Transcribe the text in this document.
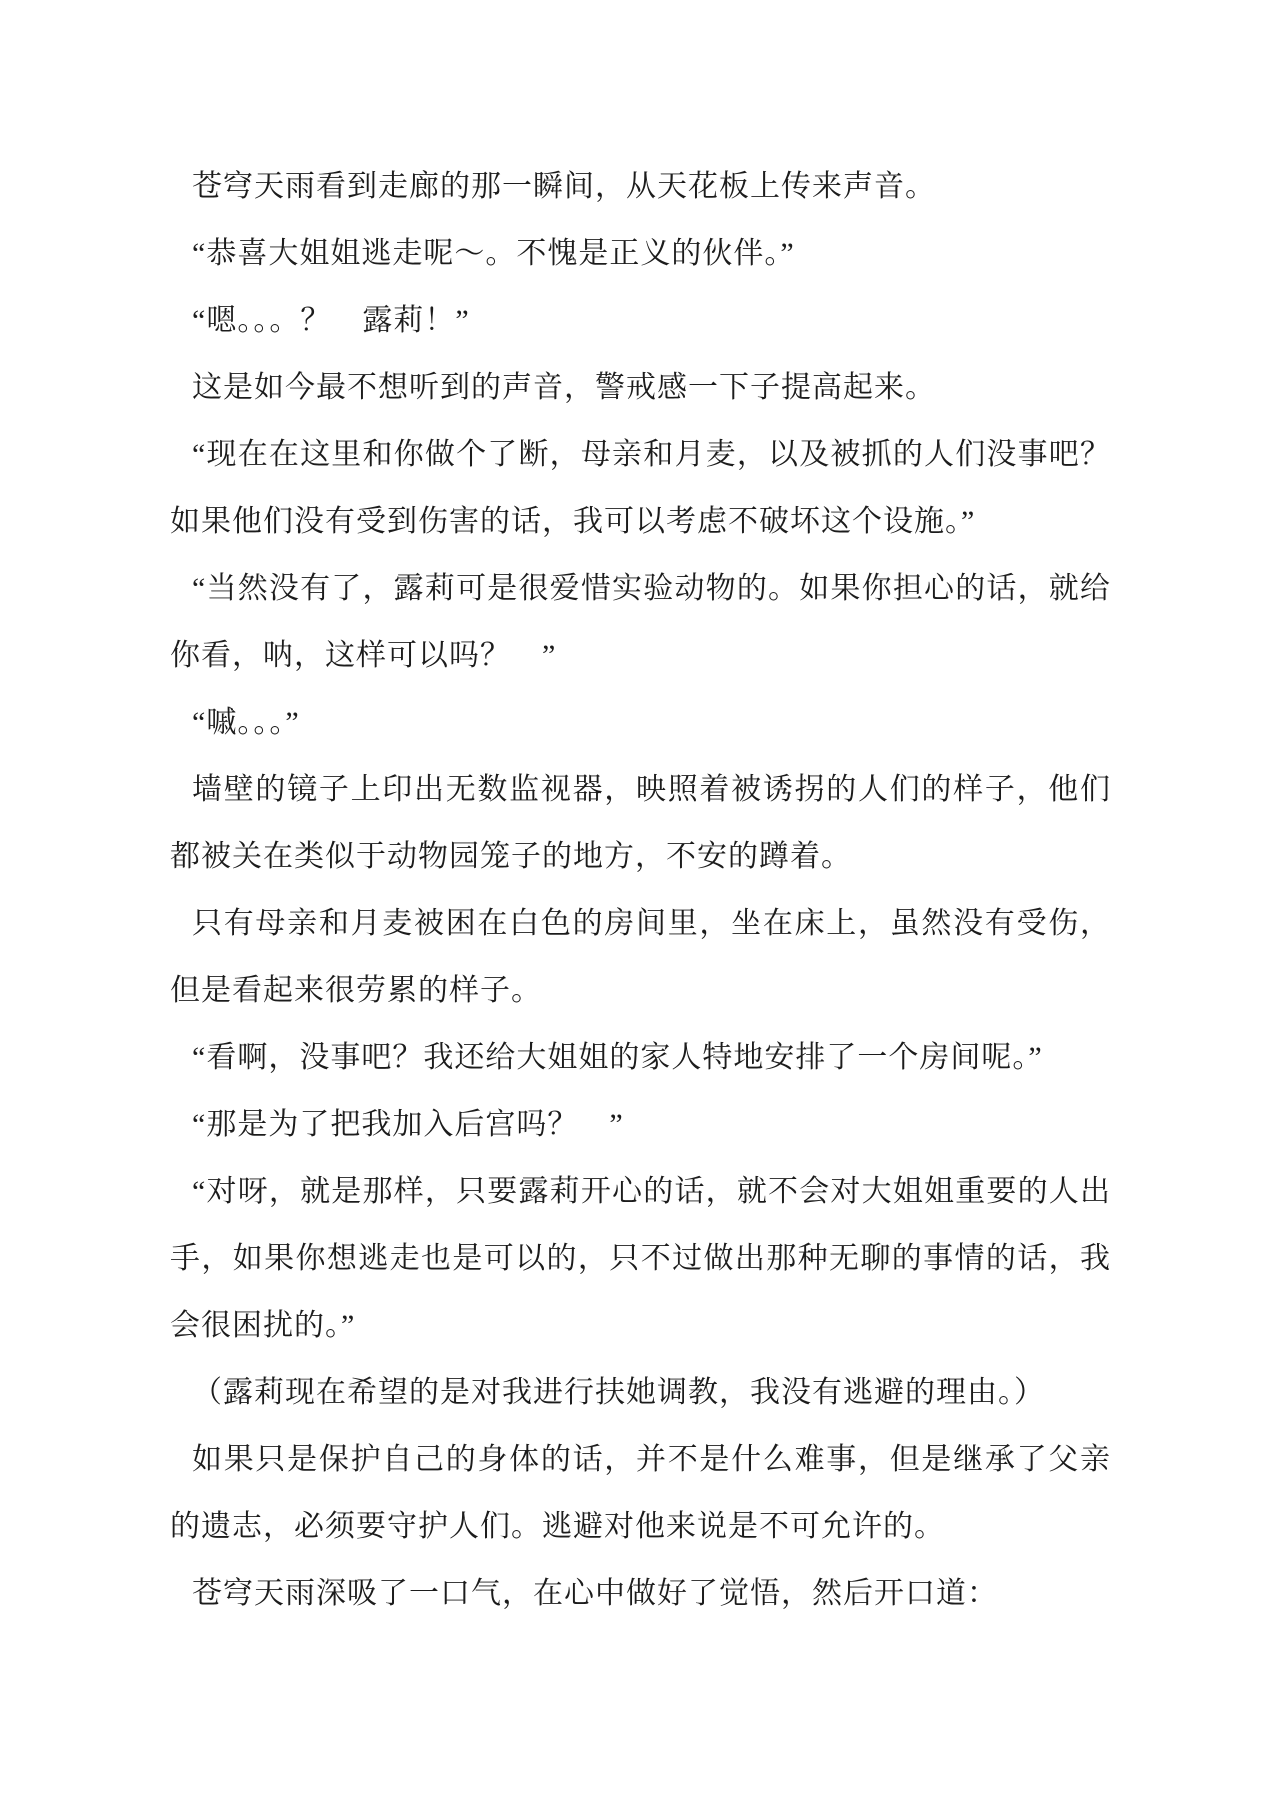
苍穹天雨看到走廊的那一瞬间，从天花板上传来声音。

“恭喜大姐姐逃走呢～。不愧是正义的伙伴。”

“嗯。。。？　露莉！”

这是如今最不想听到的声音，警戒感一下子提高起来。

“现在在这里和你做个了断，母亲和月麦，以及被抓的人们没事吧？如果他们没有受到伤害的话，我可以考虑不破坏这个设施。”

“当然没有了，露莉可是很爱惜实验动物的。如果你担心的话，就给你看，呐，这样可以吗？　”

“嘁。。。”

墙壁的镜子上印出无数监视器，映照着被诱拐的人们的样子，他们都被关在类似于动物园笼子的地方，不安的蹲着。

只有母亲和月麦被困在白色的房间里，坐在床上，虽然没有受伤，但是看起来很劳累的样子。

“看啊，没事吧？我还给大姐姐的家人特地安排了一个房间呢。”

“那是为了把我加入后宫吗？　”

“对呀，就是那样，只要露莉开心的话，就不会对大姐姐重要的人出手，如果你想逃走也是可以的，只不过做出那种无聊的事情的话，我会很困扰的。”

（露莉现在希望的是对我进行扶她调教，我没有逃避的理由。）

如果只是保护自己的身体的话，并不是什么难事，但是继承了父亲的遗志，必须要守护人们。逃避对他来说是不可允许的。

苍穹天雨深吸了一口气，在心中做好了觉悟，然后开口道：
